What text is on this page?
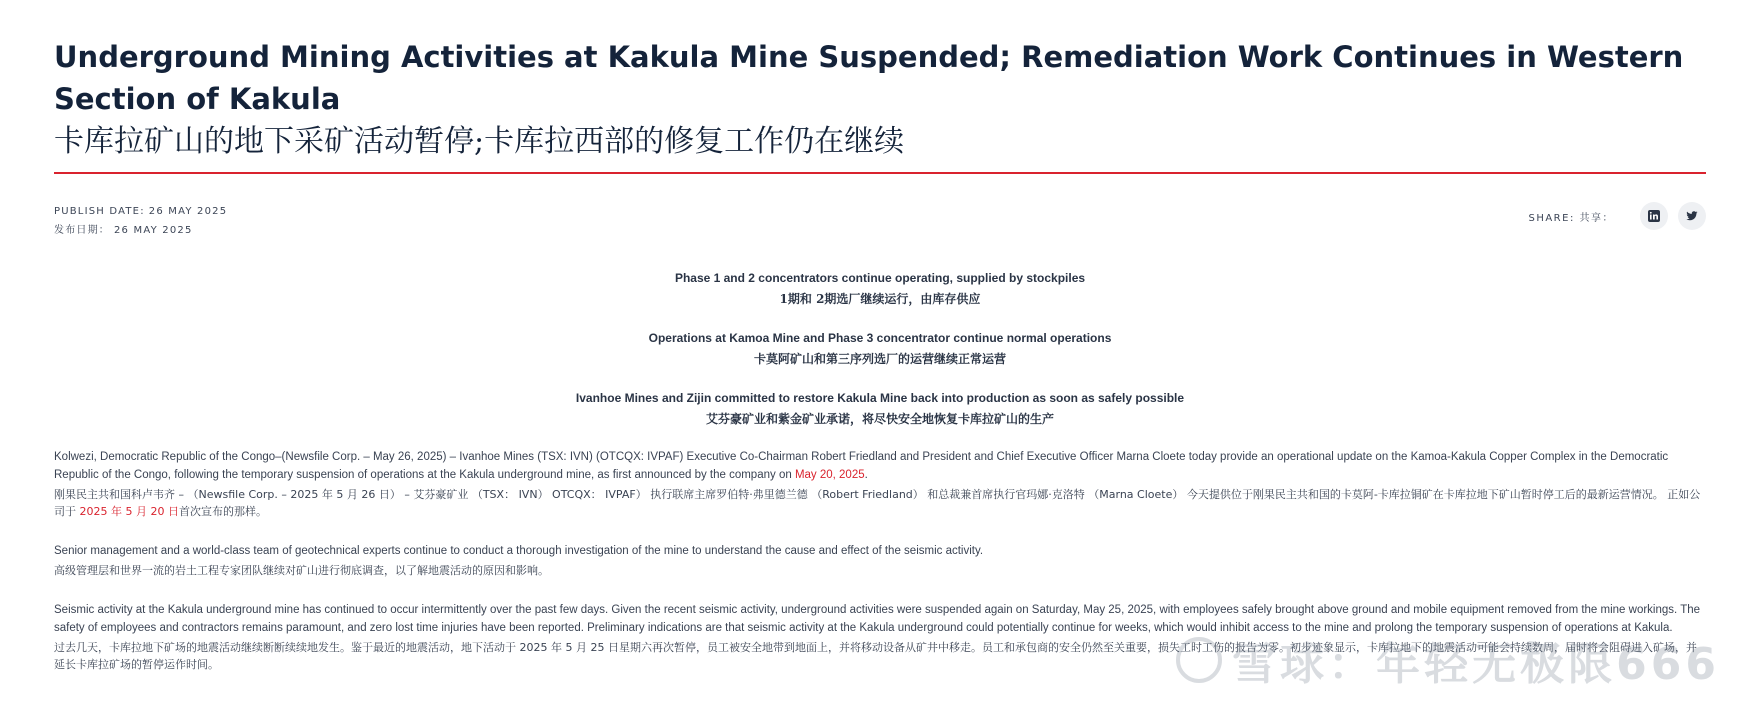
Underground Mining Activities at Kakula Mine Suspended; Remediation Work Continues in Western Section of Kakula
卡库拉矿山的地下采矿活动暂停;卡库拉西部的修复工作仍在继续
PUBLISH DATE: 26 MAY 2025
发布日期： 26 MAY 2025
SHARE: 共享：
Phase 1 and 2 concentrators continue operating, supplied by stockpiles
1期和 2期选厂继续运行，由库存供应
Operations at Kamoa Mine and Phase 3 concentrator continue normal operations
卡莫阿矿山和第三序列选厂的运营继续正常运营
Ivanhoe Mines and Zijin committed to restore Kakula Mine back into production as soon as safely possible
艾芬豪矿业和紫金矿业承诺，将尽快安全地恢复卡库拉矿山的生产
Kolwezi, Democratic Republic of the Congo–(Newsfile Corp. – May 26, 2025) – Ivanhoe Mines (TSX: IVN) (OTCQX: IVPAF) Executive Co-Chairman Robert Friedland and President and Chief Executive Officer Marna Cloete today provide an operational update on the Kamoa-Kakula Copper Complex in the Democratic Republic of the Congo, following the temporary suspension of operations at the Kakula underground mine, as first announced by the company on May 20, 2025.
刚果民主共和国科卢韦齐 – （Newsfile Corp. – 2025 年 5 月 26 日） – 艾芬豪矿业 （TSX： IVN） OTCQX： IVPAF） 执行联席主席罗伯特·弗里德兰德 （Robert Friedland） 和总裁兼首席执行官玛娜·克洛特 （Marna Cloete） 今天提供位于刚果民主共和国的卡莫阿-卡库拉铜矿在卡库拉地下矿山暂时停工后的最新运营情况。 正如公司于 2025 年 5 月 20 日首次宣布的那样。
Senior management and a world-class team of geotechnical experts continue to conduct a thorough investigation of the mine to understand the cause and effect of the seismic activity.
高级管理层和世界一流的岩土工程专家团队继续对矿山进行彻底调查，以了解地震活动的原因和影响。
Seismic activity at the Kakula underground mine has continued to occur intermittently over the past few days. Given the recent seismic activity, underground activities were suspended again on Saturday, May 25, 2025, with employees safely brought above ground and mobile equipment removed from the mine workings. The safety of employees and contractors remains paramount, and zero lost time injuries have been reported. Preliminary indications are that seismic activity at the Kakula underground could potentially continue for weeks, which would inhibit access to the mine and prolong the temporary suspension of operations at Kakula.
过去几天，卡库拉地下矿场的地震活动继续断断续续地发生。鉴于最近的地震活动，地下活动于 2025 年 5 月 25 日星期六再次暂停，员工被安全地带到地面上，并将移动设备从矿井中移走。员工和承包商的安全仍然至关重要，损失工时工伤的报告为零。初步迹象显示，卡库拉地下的地震活动可能会持续数周，届时将会阻碍进入矿场，并延长卡库拉矿场的暂停运作时间。	雪球：年轻无极限666
